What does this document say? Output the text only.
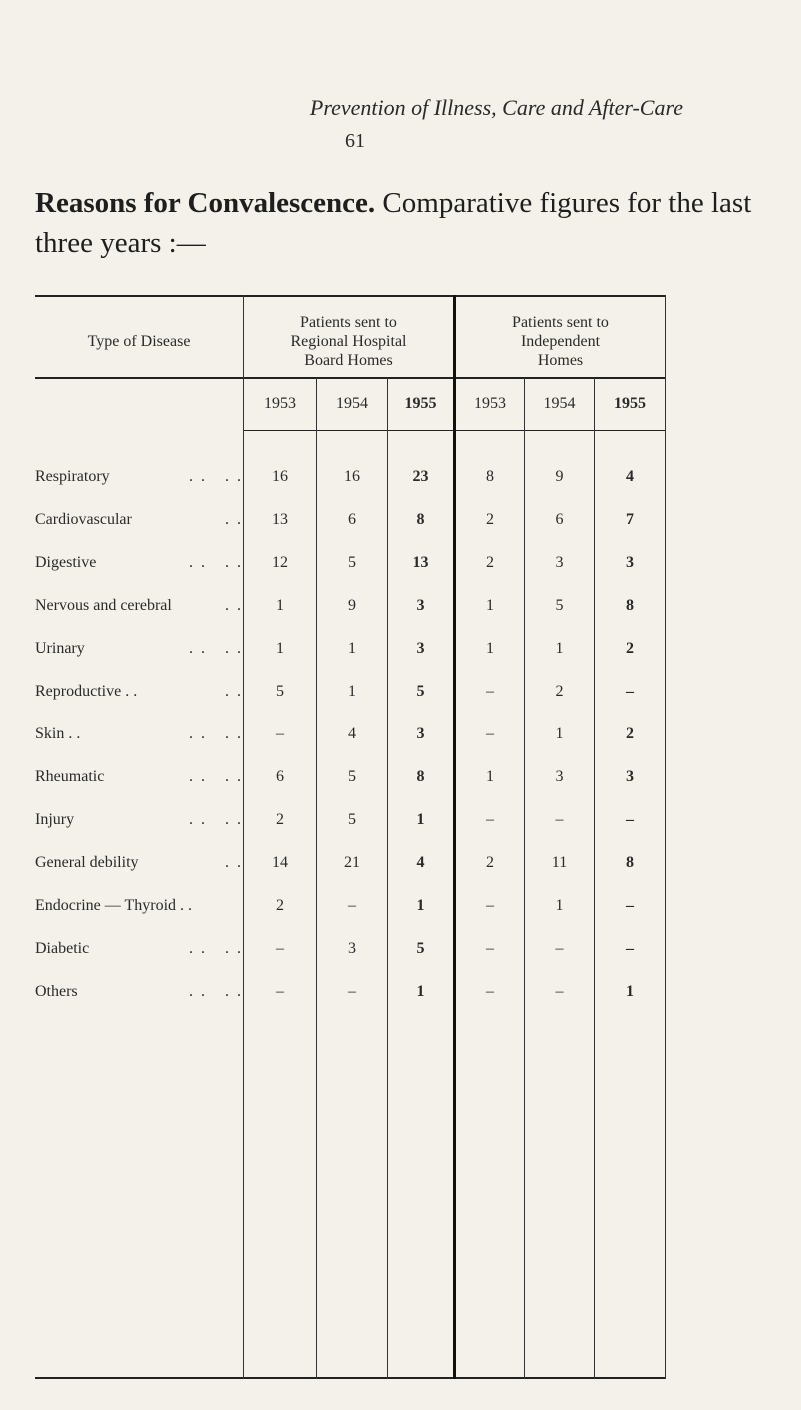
Prevention of Illness, Care and After-Care
61
Reasons for Convalescence. Comparative figures for the last three years :—
Type of Disease
Patients sent to
Regional Hospital
Board Homes
Patients sent to
Independent
Homes
1953	1954	1955	1953	1954	1955
Respiratory	. .   . .	16	16	23	8	9	4
Cardiovascular	. .	13	6	8	2	6	7
Digestive	. .   . .	12	5	13	2	3	3
Nervous and cerebral	. .	1	9	3	1	5	8
Urinary	. .   . .	1	1	3	1	1	2
Reproductive . .	. .	5	1	5	–	2	–
Skin . .	. .   . .	–	4	3	–	1	2
Rheumatic	. .   . .	6	5	8	1	3	3
Injury	. .   . .	2	5	1	–	–	–
General debility	. .	14	21	4	2	11	8
Endocrine — Thyroid . .	2	–	1	–	1	–
Diabetic	. .   . .	–	3	5	–	–	–
Others	. .   . .	–	–	1	–	–	1
